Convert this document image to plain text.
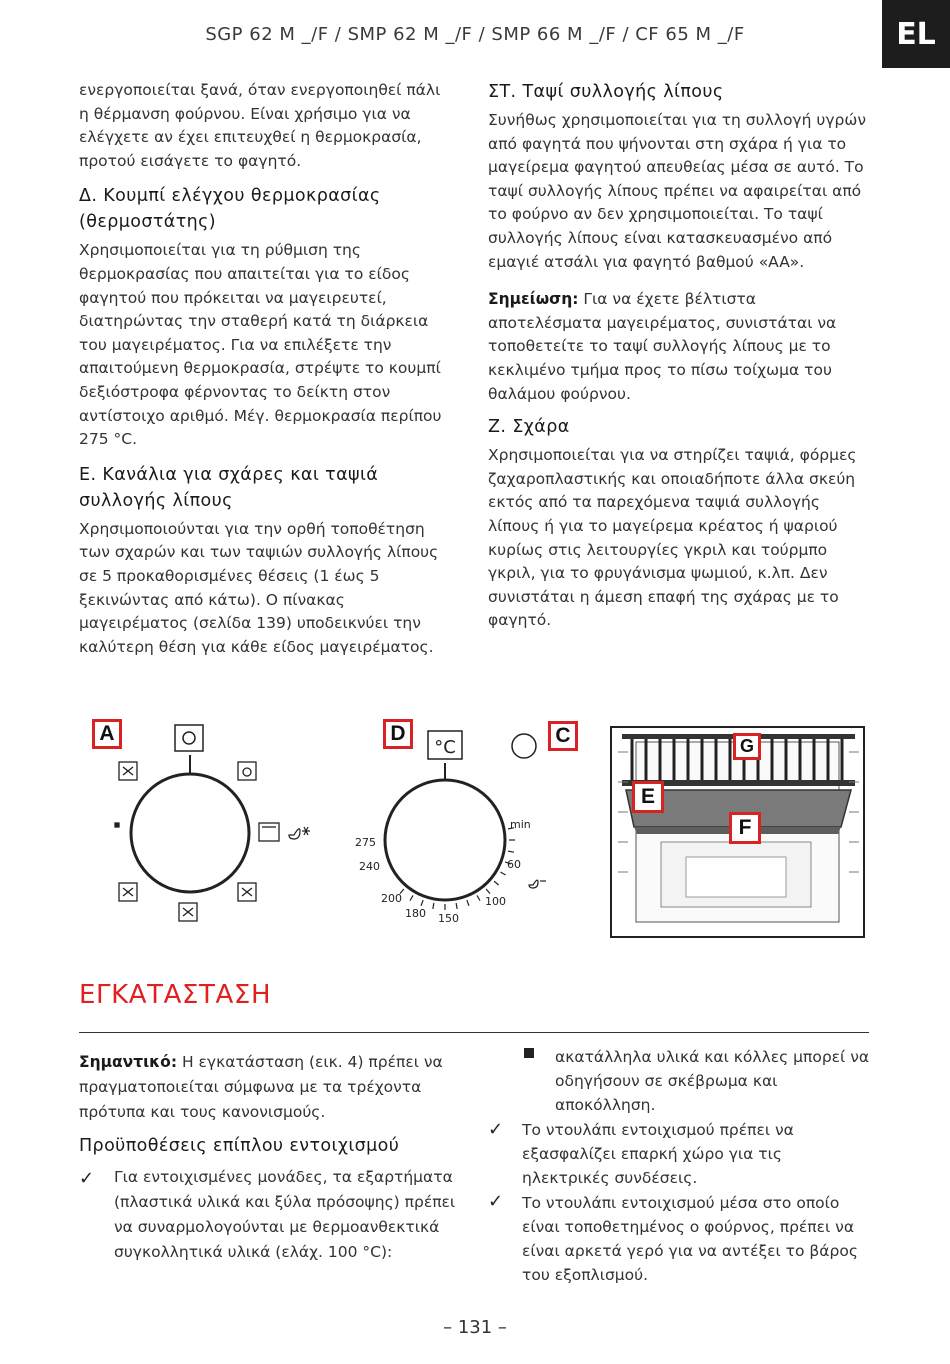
SGP 62 M _/F / SMP 62 M _/F / SMP 66 M _/F / CF 65 M _/F	EL

ενεργοποιείται ξανά, όταν ενεργοποιηθεί πάλι η θέρμανση φούρνου. Είναι χρήσιμο για να ελέγχετε αν έχει επιτευχθεί η θερμοκρασία, προτού εισάγετε το φαγητό.

Δ. Κουμπί ελέγχου θερμοκρασίας (θερμοστάτης)

Χρησιμοποιείται για τη ρύθμιση της θερμοκρασίας που απαιτείται για το είδος φαγητού που πρόκειται να μαγειρευτεί, διατηρώντας την σταθερή κατά τη διάρκεια του μαγειρέματος. Για να επιλέξετε την απαιτούμενη θερμοκρασία, στρέψτε το κουμπί δεξιόστροφα φέρνοντας το δείκτη στον αντίστοιχο αριθμό. Μέγ. θερμοκρασία περίπου 275 °C.

Ε. Κανάλια για σχάρες και ταψιά συλλογής λίπους

Χρησιμοποιούνται για την ορθή τοποθέτηση των σχαρών και των ταψιών συλλογής λίπους σε 5 προκαθορισμένες θέσεις (1 έως 5 ξεκινώντας από κάτω). Ο πίνακας μαγειρέματος (σελίδα 139) υποδεικνύει την καλύτερη θέση για κάθε είδος μαγειρέματος.

ΣΤ. Ταψί συλλογής λίπους

Συνήθως χρησιμοποιείται για τη συλλογή υγρών από φαγητά που ψήνονται στη σχάρα ή για το μαγείρεμα φαγητού απευθείας μέσα σε αυτό. Το ταψί συλλογής λίπους πρέπει να αφαιρείται από το φούρνο αν δεν χρησιμοποιείται. Το ταψί συλλογής λίπους είναι κατασκευασμένο από εμαγιέ ατσάλι για φαγητό βαθμού «AA».

Σημείωση: Για να έχετε βέλτιστα αποτελέσματα μαγειρέματος, συνιστάται να τοποθετείτε το ταψί συλλογής λίπους με το κεκλιμένο τμήμα προς το πίσω τοίχωμα του θαλάμου φούρνου.

Ζ. Σχάρα

Χρησιμοποιείται για να στηρίζει ταψιά, φόρμες ζαχαροπλαστικής και οποιαδήποτε άλλα σκεύη εκτός από τα παρεχόμενα ταψιά συλλογής λίπους ή για το μαγείρεμα κρέατος ή ψαριού κυρίως στις λειτουργίες γκριλ και τούρμπο γκριλ, για το φρυγάνισμα ψωμιού, κ.λπ. Δεν συνιστάται η άμεση επαφή της σχάρας με το φαγητό.

A
°C
min
275
240
200
180 150
100
60
D	C	G
E
F
ΕΓΚΑΤΑΣΤΑΣΗ

Σημαντικό: Η εγκατάσταση (εικ. 4) πρέπει να πραγματοποιείται σύμφωνα με τα τρέχοντα πρότυπα και τους κανονισμούς.

Προϋποθέσεις επίπλου εντοιχισμού

Για εντοιχισμένες μονάδες, τα εξαρτήματα (πλαστικά υλικά και ξύλα πρόσοψης) πρέπει να συναρμολογούνται με θερμοανθεκτικά συγκολλητικά υλικά (ελάχ. 100 °C):

✓

ακατάλληλα υλικά και κόλλες μπορεί να οδηγήσουν σε σκέβρωμα και αποκόλληση.

Το ντουλάπι εντοιχισμού πρέπει να εξασφαλίζει επαρκή χώρο για τις ηλεκτρικές συνδέσεις.

Το ντουλάπι εντοιχισμού μέσα στο οποίο είναι τοποθετημένος ο φούρνος, πρέπει να είναι αρκετά γερό για να αντέξει το βάρος του εξοπλισμού.

✓
✓
– 131 –
